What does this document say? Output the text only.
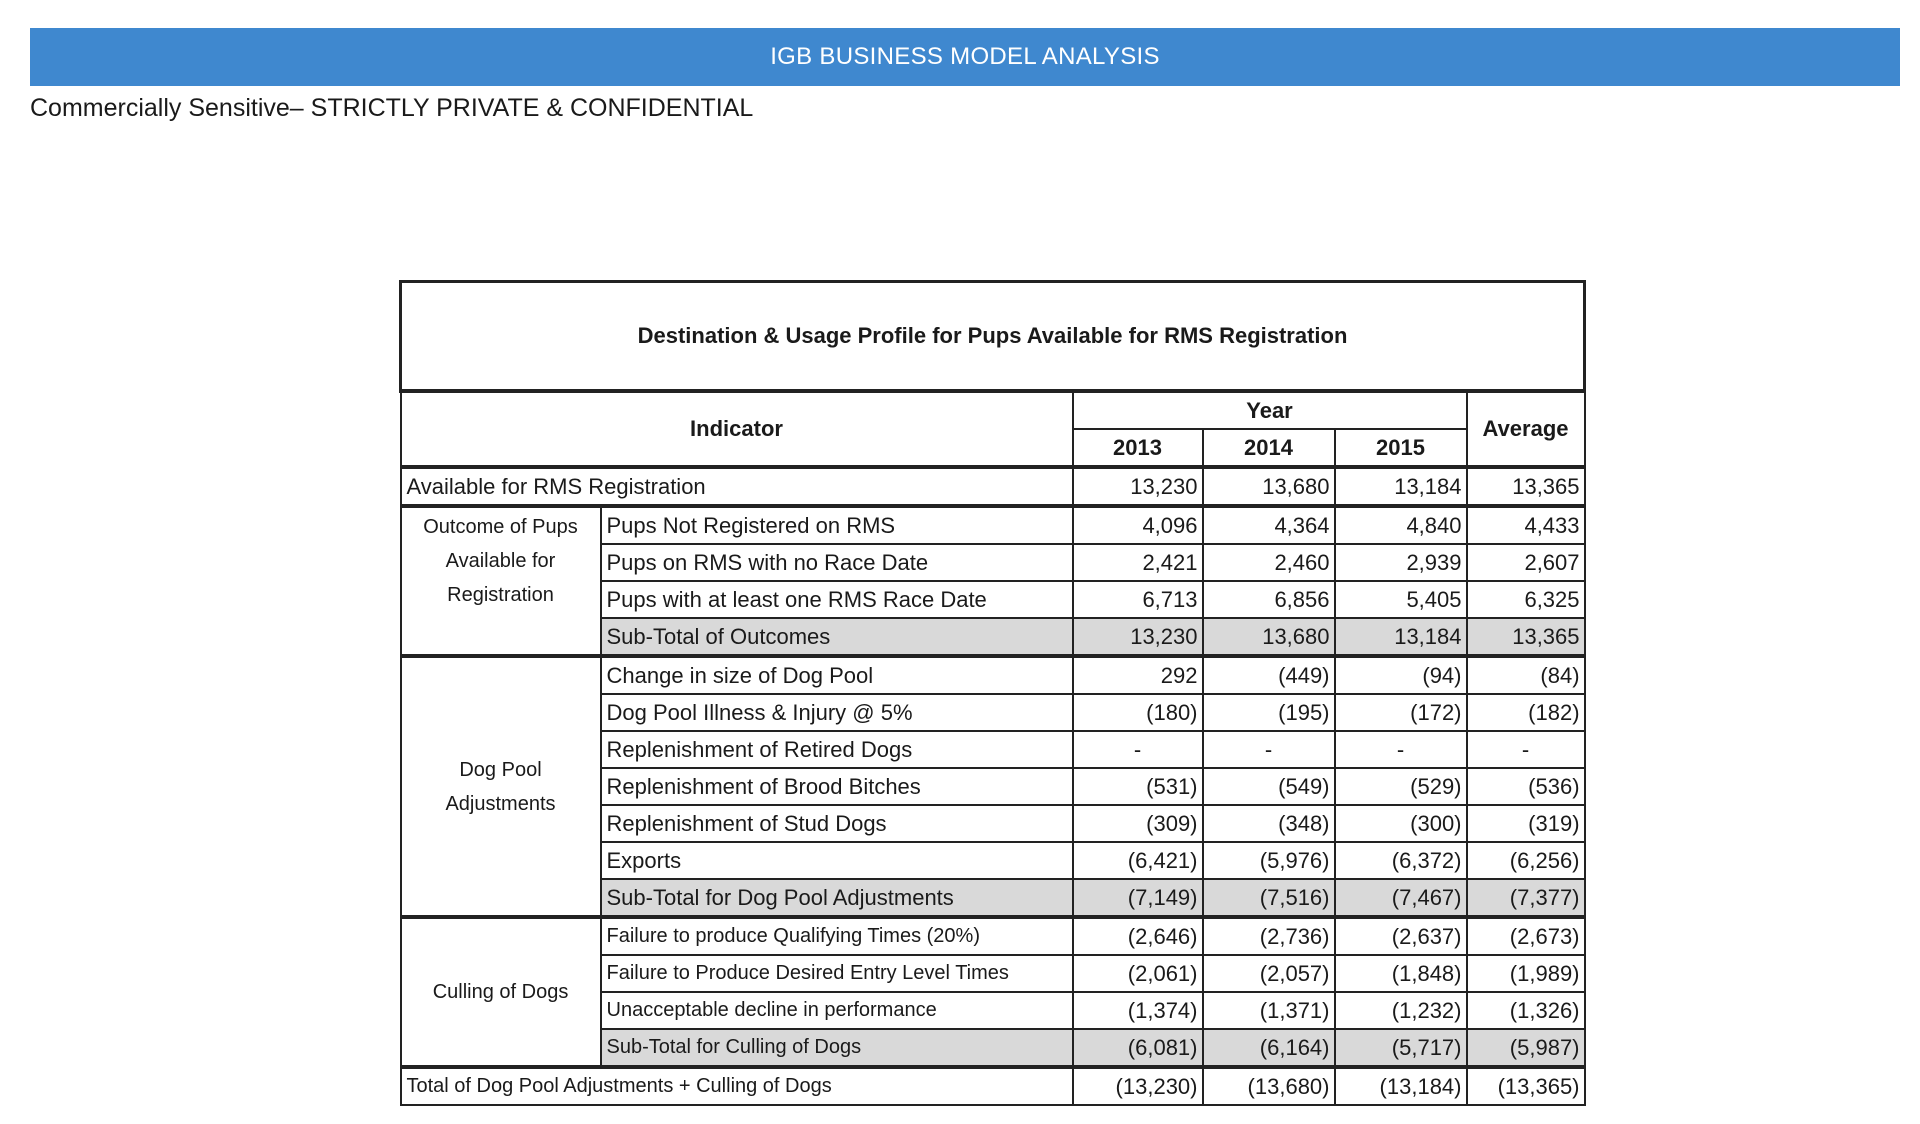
IGB BUSINESS MODEL ANALYSIS
Commercially Sensitive– STRICTLY PRIVATE & CONFIDENTIAL
Destination & Usage Profile for Pups Available for RMS Registration					
Indicator		Year			Average
		2013	2014	2015	
Available for RMS Registration		13,230	13,680	13,184	13,365
Outcome of Pups Available for Registration	Pups Not Registered on RMS	4,096	4,364	4,840	4,433
	Pups on RMS with no Race Date	2,421	2,460	2,939	2,607
	Pups with at least one RMS Race Date	6,713	6,856	5,405	6,325
	Sub-Total of Outcomes	13,230	13,680	13,184	13,365
Dog Pool Adjustments	Change in size of Dog Pool	292	(449)	(94)	(84)
	Dog Pool Illness & Injury @ 5%	(180)	(195)	(172)	(182)
	Replenishment of Retired Dogs	-	-	-	-
	Replenishment of Brood Bitches	(531)	(549)	(529)	(536)
	Replenishment of Stud Dogs	(309)	(348)	(300)	(319)
	Exports	(6,421)	(5,976)	(6,372)	(6,256)
	Sub-Total for Dog Pool Adjustments	(7,149)	(7,516)	(7,467)	(7,377)
Culling of Dogs	Failure to produce Qualifying Times (20%)	(2,646)	(2,736)	(2,637)	(2,673)
	Failure to Produce Desired Entry Level Times	(2,061)	(2,057)	(1,848)	(1,989)
	Unacceptable decline in performance	(1,374)	(1,371)	(1,232)	(1,326)
	Sub-Total for Culling of Dogs	(6,081)	(6,164)	(5,717)	(5,987)
Total of Dog Pool Adjustments + Culling of Dogs		(13,230)	(13,680)	(13,184)	(13,365)
